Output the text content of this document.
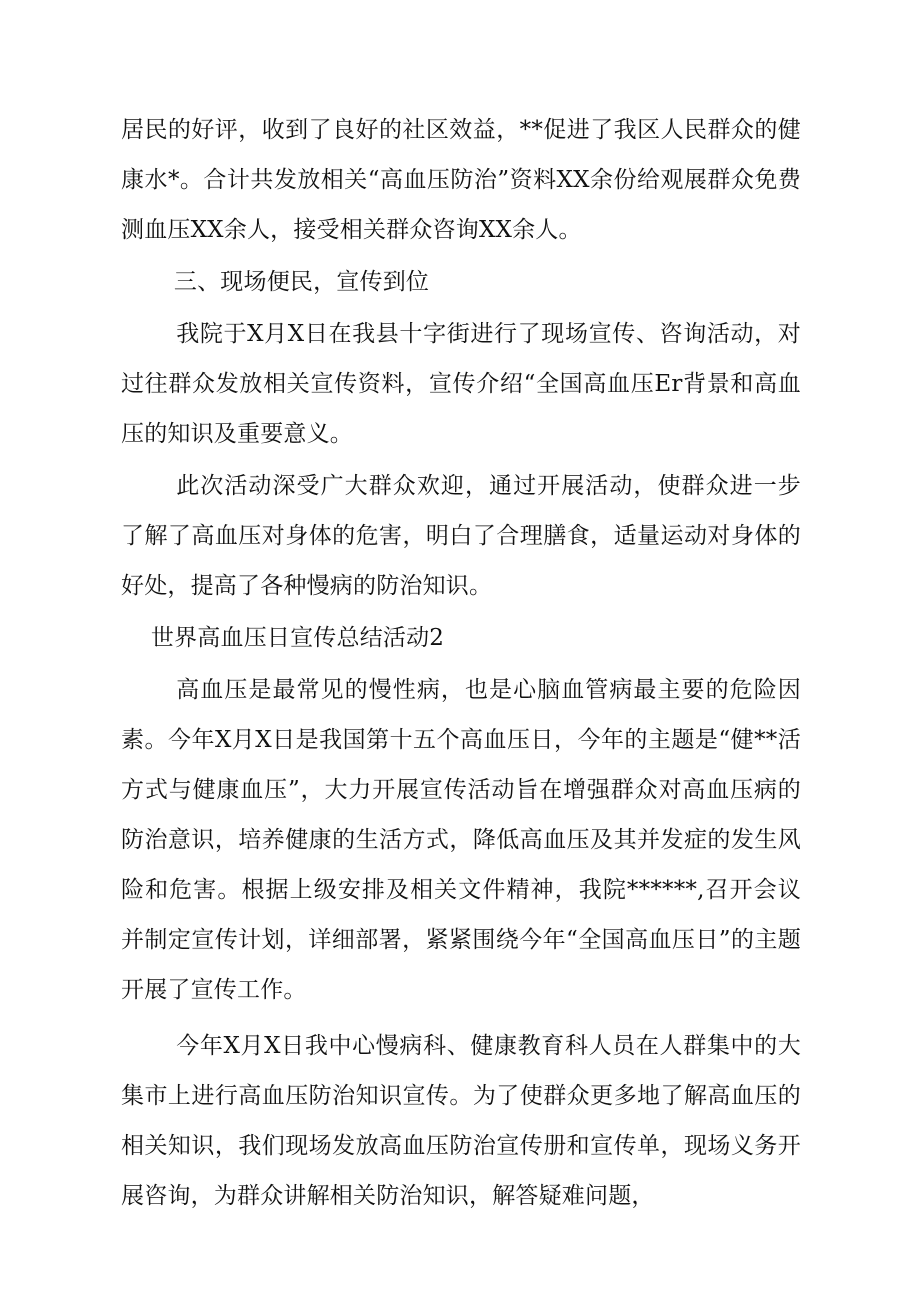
居民的好评，收到了良好的社区效益，**促进了我区人民群众的健康水*。合计共发放相关“高血压防治”资料XX余份给观展群众免费测血压XX余人，接受相关群众咨询XX余人。

三、现场便民，宣传到位

我院于X月X日在我县十字街进行了现场宣传、咨询活动，对过往群众发放相关宣传资料，宣传介绍“全国高血压Er背景和高血压的知识及重要意义。

此次活动深受广大群众欢迎，通过开展活动，使群众进一步了解了高血压对身体的危害，明白了合理膳食，适量运动对身体的好处，提高了各种慢病的防治知识。

世界高血压日宣传总结活动2

高血压是最常见的慢性病，也是心脑血管病最主要的危险因素。今年X月X日是我国第十五个高血压日，今年的主题是“健**活方式与健康血压”，大力开展宣传活动旨在增强群众对高血压病的防治意识，培养健康的生活方式，降低高血压及其并发症的发生风险和危害。根据上级安排及相关文件精神，我院******,召开会议并制定宣传计划，详细部署，紧紧围绕今年“全国高血压日”的主题开展了宣传工作。

今年X月X日我中心慢病科、健康教育科人员在人群集中的大集市上进行高血压防治知识宣传。为了使群众更多地了解高血压的相关知识，我们现场发放高血压防治宣传册和宣传单，现场义务开展咨询，为群众讲解相关防治知识，解答疑难问题，
